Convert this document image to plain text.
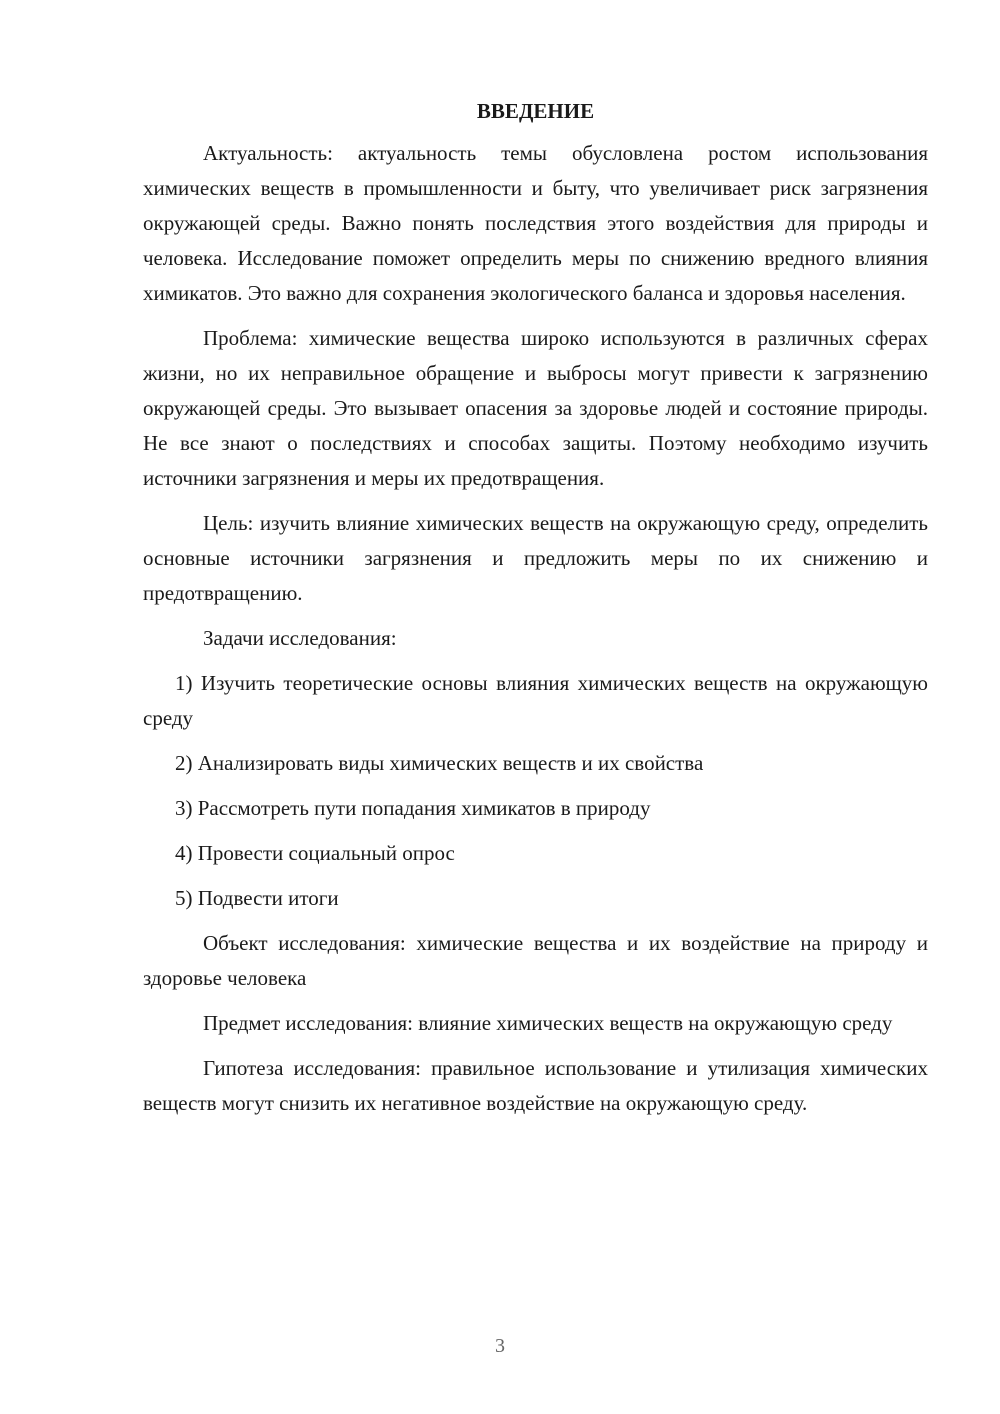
ВВЕДЕНИЕ

Актуальность: актуальность темы обусловлена ростом использования химических веществ в промышленности и быту, что увеличивает риск загрязнения окружающей среды. Важно понять последствия этого воздействия для природы и человека. Исследование поможет определить меры по снижению вредного влияния химикатов. Это важно для сохранения экологического баланса и здоровья населения.

Проблема: химические вещества широко используются в различных сферах жизни, но их неправильное обращение и выбросы могут привести к загрязнению окружающей среды. Это вызывает опасения за здоровье людей и состояние природы. Не все знают о последствиях и способах защиты. Поэтому необходимо изучить источники загрязнения и меры их предотвращения.

Цель: изучить влияние химических веществ на окружающую среду, определить основные источники загрязнения и предложить меры по их снижению и предотвращению.

Задачи исследования:

1) Изучить теоретические основы влияния химических веществ на окружающую среду

2) Анализировать виды химических веществ и их свойства

3) Рассмотреть пути попадания химикатов в природу

4) Провести социальный опрос

5) Подвести итоги

Объект исследования: химические вещества и их воздействие на природу и здоровье человека

Предмет исследования: влияние химических веществ на окружающую среду

Гипотеза исследования: правильное использование и утилизация химических веществ могут снизить их негативное воздействие на окружающую среду.

3
